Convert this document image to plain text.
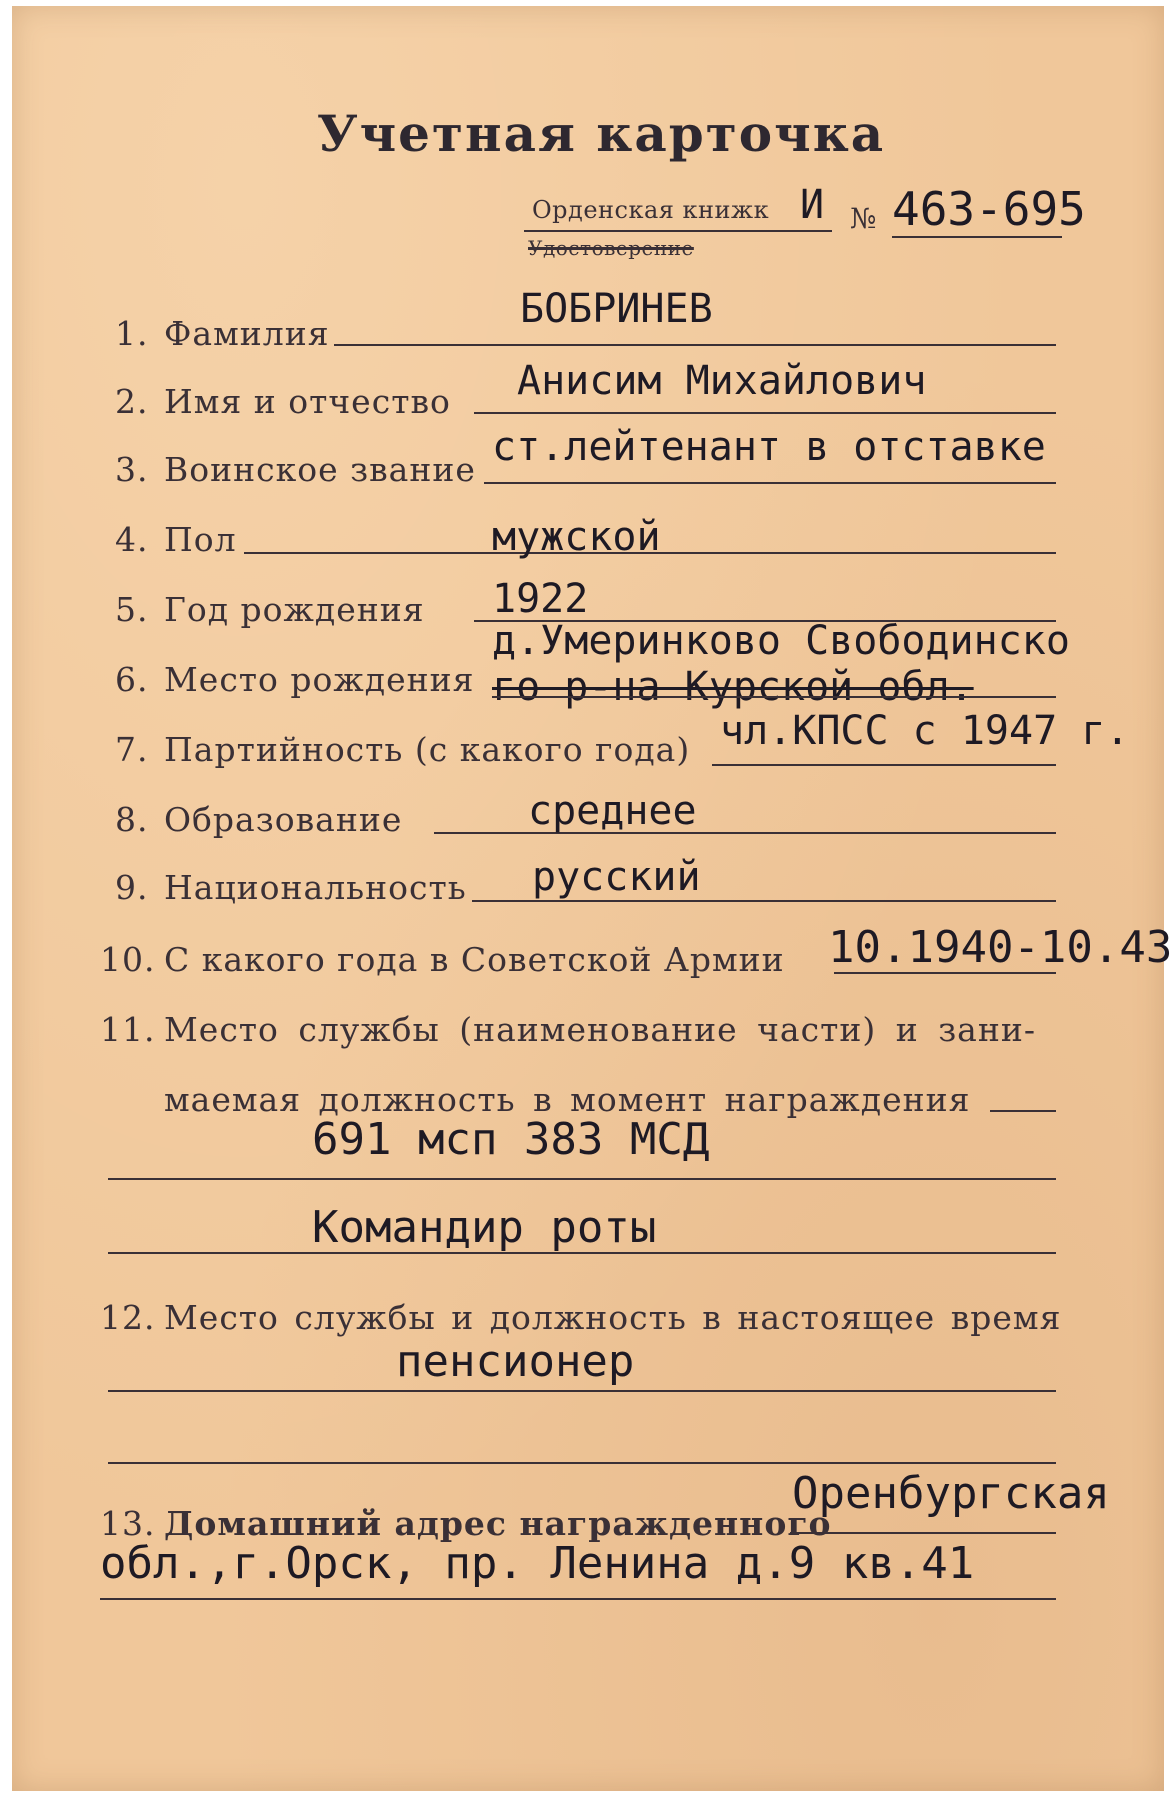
Учетная карточка
Орденская книжк И
Удостоверение
№ 463-695
1. Фамилия
БОБРИНЕВ
2. Имя и отчество Анисим Михайлович
3. Воинское звание ст.лейтенант в отставке
4. Пол	мужской
5. Год рождения 1922
6. Место рождения
д.Умеринково Свободинско
го р-на Курской обл.
7. Партийность (с какого года) чл.КПСС с 1947 г.
8. Образование	среднее
9. Национальность русский
10. С какого года в Советской Армии 10.1940-10.43
11. Место службы (наименование части) и зани-
маемая должность в момент награждения
691 мсп 383 МСД
Командир роты
12. Место службы и должность в настоящее время
пенсионер
13. Домашний адрес награжденного
Оренбургская
обл.,г.Орск, пр. Ленина д.9 кв.41
